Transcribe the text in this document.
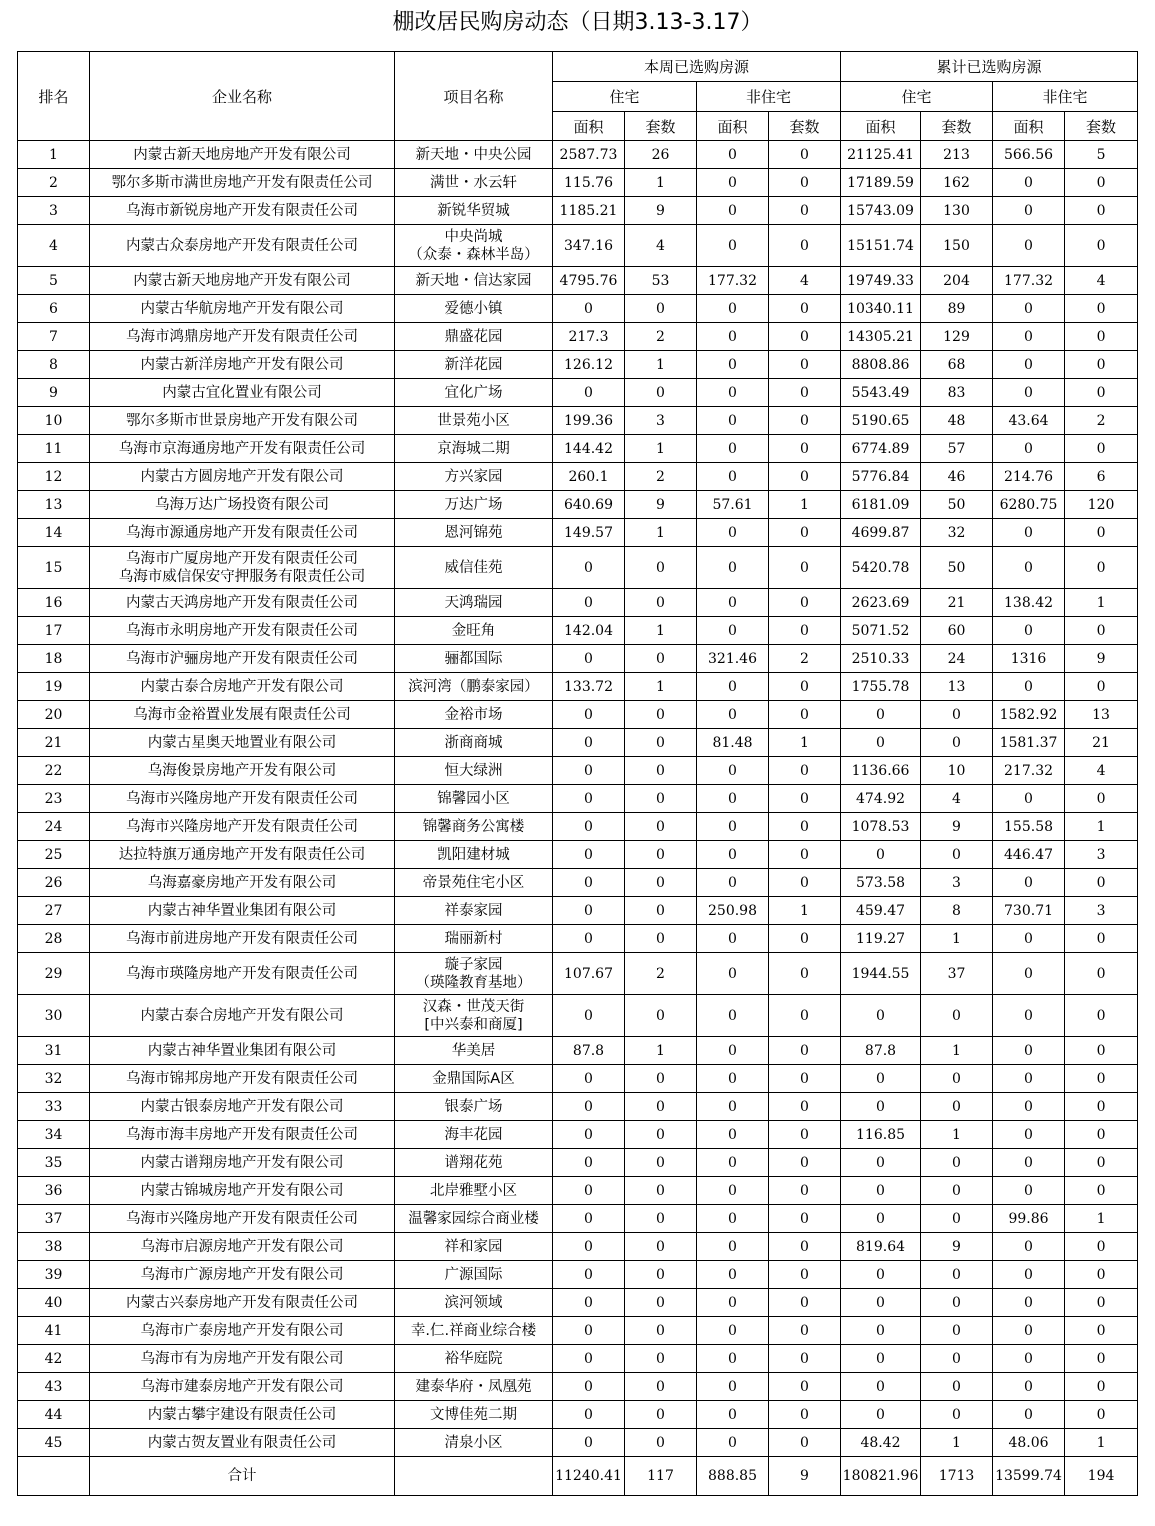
棚改居民购房动态（日期3.13-3.17）
排名	企业名称	项目名称	本周已选购房源				累计已选购房源			
			住宅		非住宅		住宅		非住宅	
			面积	套数	面积	套数	面积	套数	面积	套数
1	内蒙古新天地房地产开发有限公司	新天地・中央公园	2587.73	26	0	0	21125.41	213	566.56	5
2	鄂尔多斯市满世房地产开发有限责任公司	满世・水云轩	115.76	1	0	0	17189.59	162	0	0
3	乌海市新锐房地产开发有限责任公司	新锐华贸城	1185.21	9	0	0	15743.09	130	0	0
4	内蒙古众泰房地产开发有限责任公司	中央尚城
（众泰・森林半岛）	347.16	4	0	0	15151.74	150	0	0
5	内蒙古新天地房地产开发有限公司	新天地・信达家园	4795.76	53	177.32	4	19749.33	204	177.32	4
6	内蒙古华航房地产开发有限公司	爱德小镇	0	0	0	0	10340.11	89	0	0
7	乌海市鸿鼎房地产开发有限责任公司	鼎盛花园	217.3	2	0	0	14305.21	129	0	0
8	内蒙古新洋房地产开发有限公司	新洋花园	126.12	1	0	0	8808.86	68	0	0
9	内蒙古宜化置业有限公司	宜化广场	0	0	0	0	5543.49	83	0	0
10	鄂尔多斯市世景房地产开发有限公司	世景苑小区	199.36	3	0	0	5190.65	48	43.64	2
11	乌海市京海通房地产开发有限责任公司	京海城二期	144.42	1	0	0	6774.89	57	0	0
12	内蒙古方圆房地产开发有限公司	方兴家园	260.1	2	0	0	5776.84	46	214.76	6
13	乌海万达广场投资有限公司	万达广场	640.69	9	57.61	1	6181.09	50	6280.75	120
14	乌海市源通房地产开发有限责任公司	恩河锦苑	149.57	1	0	0	4699.87	32	0	0
15	乌海市广厦房地产开发有限责任公司
乌海市威信保安守押服务有限责任公司	威信佳苑	0	0	0	0	5420.78	50	0	0
16	内蒙古天鸿房地产开发有限责任公司	天鸿瑞园	0	0	0	0	2623.69	21	138.42	1
17	乌海市永明房地产开发有限责任公司	金旺角	142.04	1	0	0	5071.52	60	0	0
18	乌海市沪骊房地产开发有限责任公司	骊都国际	0	0	321.46	2	2510.33	24	1316	9
19	内蒙古泰合房地产开发有限公司	滨河湾（鹏泰家园）	133.72	1	0	0	1755.78	13	0	0
20	乌海市金裕置业发展有限责任公司	金裕市场	0	0	0	0	0	0	1582.92	13
21	内蒙古星奥天地置业有限公司	浙商商城	0	0	81.48	1	0	0	1581.37	21
22	乌海俊景房地产开发有限公司	恒大绿洲	0	0	0	0	1136.66	10	217.32	4
23	乌海市兴隆房地产开发有限责任公司	锦馨园小区	0	0	0	0	474.92	4	0	0
24	乌海市兴隆房地产开发有限责任公司	锦馨商务公寓楼	0	0	0	0	1078.53	9	155.58	1
25	达拉特旗万通房地产开发有限责任公司	凯阳建材城	0	0	0	0	0	0	446.47	3
26	乌海嘉豪房地产开发有限公司	帝景苑住宅小区	0	0	0	0	573.58	3	0	0
27	内蒙古神华置业集团有限公司	祥泰家园	0	0	250.98	1	459.47	8	730.71	3
28	乌海市前进房地产开发有限责任公司	瑞丽新村	0	0	0	0	119.27	1	0	0
29	乌海市瑛隆房地产开发有限责任公司	璇子家园
（瑛隆教育基地）	107.67	2	0	0	1944.55	37	0	0
30	内蒙古泰合房地产开发有限公司	汉森・世茂天街
[中兴泰和商厦]	0	0	0	0	0	0	0	0
31	内蒙古神华置业集团有限公司	华美居	87.8	1	0	0	87.8	1	0	0
32	乌海市锦邦房地产开发有限责任公司	金鼎国际A区	0	0	0	0	0	0	0	0
33	内蒙古银泰房地产开发有限公司	银泰广场	0	0	0	0	0	0	0	0
34	乌海市海丰房地产开发有限责任公司	海丰花园	0	0	0	0	116.85	1	0	0
35	内蒙古谱翔房地产开发有限公司	谱翔花苑	0	0	0	0	0	0	0	0
36	内蒙古锦城房地产开发有限公司	北岸雅墅小区	0	0	0	0	0	0	0	0
37	乌海市兴隆房地产开发有限责任公司	温馨家园综合商业楼	0	0	0	0	0	0	99.86	1
38	乌海市启源房地产开发有限公司	祥和家园	0	0	0	0	819.64	9	0	0
39	乌海市广源房地产开发有限公司	广源国际	0	0	0	0	0	0	0	0
40	内蒙古兴泰房地产开发有限责任公司	滨河领域	0	0	0	0	0	0	0	0
41	乌海市广泰房地产开发有限公司	幸.仁.祥商业综合楼	0	0	0	0	0	0	0	0
42	乌海市有为房地产开发有限公司	裕华庭院	0	0	0	0	0	0	0	0
43	乌海市建泰房地产开发有限公司	建泰华府・凤凰苑	0	0	0	0	0	0	0	0
44	内蒙古攀宇建设有限责任公司	文博佳苑二期	0	0	0	0	0	0	0	0
45	内蒙古贺友置业有限责任公司	清泉小区	0	0	0	0	48.42	1	48.06	1
	合计		11240.41	117	888.85	9	180821.96	1713	13599.74	194
